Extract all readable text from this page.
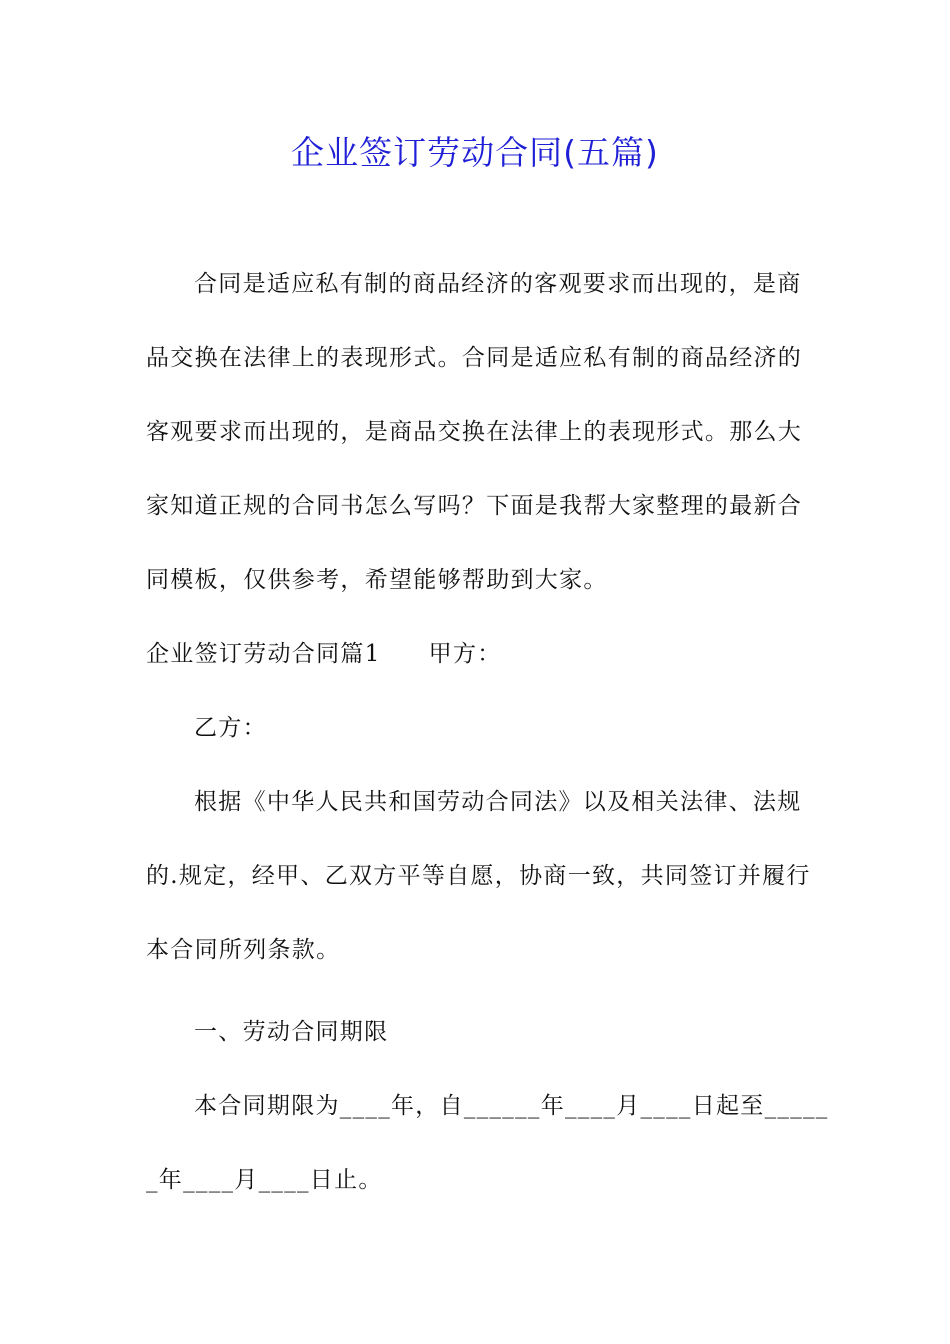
企业签订劳动合同(五篇)
合同是适应私有制的商品经济的客观要求而出现的，是商
品交换在法律上的表现形式。合同是适应私有制的商品经济的
客观要求而出现的，是商品交换在法律上的表现形式。那么大
家知道正规的合同书怎么写吗？下面是我帮大家整理的最新合
同模板，仅供参考，希望能够帮助到大家。
企业签订劳动合同篇1 甲方：
乙方：
根据《中华人民共和国劳动合同法》以及相关法律、法规
的.规定，经甲、乙双方平等自愿，协商一致，共同签订并履行
本合同所列条款。
一、劳动合同期限
本合同期限为____年，自______年____月____日起至_____
_年____月____日止。
